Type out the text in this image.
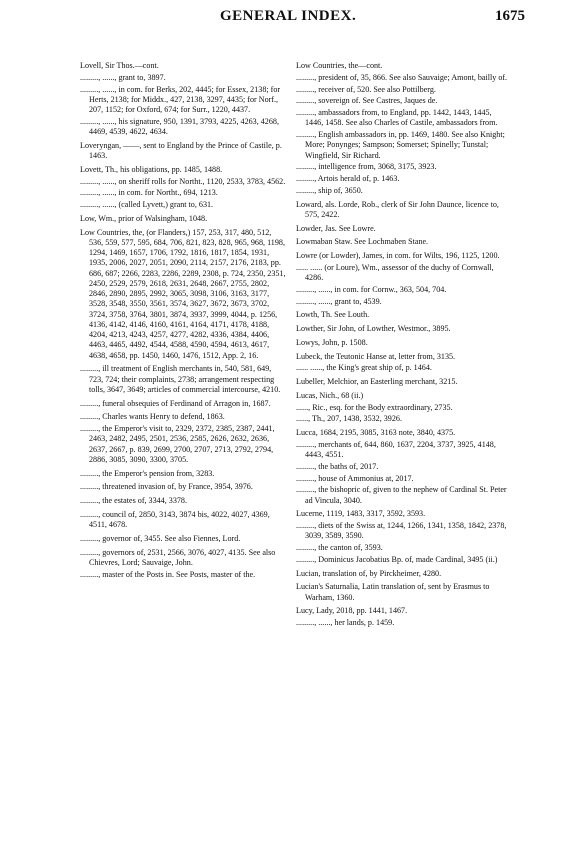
GENERAL INDEX.	1675
Lovell, Sir Thos.—cont.
........., ......, grant to, 3897.
........., ......, in com. for Berks, 202, 4445; for Essex, 2138; for Herts, 2138; for Middx., 427, 2138, 3297, 4435; for Norf., 207, 1152; for Oxford, 674; for Surr., 1220, 4437.
........., ......, his signature, 950, 1391, 3793, 4225, 4263, 4268, 4469, 4539, 4622, 4634.
Loveryngan, ——, sent to England by the Prince of Castile, p. 1463.
Lovett, Th., his obligations, pp. 1485, 1488.
........., ......, on sheriff rolls for Northt., 1120, 2533, 3783, 4562.
........., ......, in com. for Northt., 694, 1213.
........., ......, (called Lyvett,) grant to, 631.
Low, Wm., prior of Walsingham, 1048.
Low Countries, the, (or Flanders,) 157, 253, 317, 480, 512, 536, 559, 577, 595, 684, 706, 821, 823, 828, 965, 968, 1198, 1294, 1469, 1657, 1706, 1792, 1816, 1817, 1854, 1931, 1935, 2006, 2027, 2051, 2090, 2114, 2157, 2176, 2183, pp. 686, 687; 2266, 2283, 2286, 2289, 2308, p. 724, 2350, 2351, 2450, 2529, 2579, 2618, 2631, 2648, 2667, 2755, 2802, 2846, 2890, 2895, 2992, 3065, 3098, 3106, 3163, 3177, 3528, 3548, 3550, 3561, 3574, 3627, 3672, 3673, 3702, 3724, 3758, 3764, 3801, 3874, 3937, 3999, 4044, p. 1256, 4136, 4142, 4146, 4160, 4161, 4164, 4171, 4178, 4188, 4204, 4213, 4243, 4257, 4277, 4282, 4336, 4384, 4406, 4463, 4465, 4492, 4544, 4588, 4590, 4594, 4613, 4617, 4638, 4658, pp. 1450, 1460, 1476, 1512, App. 2, 16.
........., ill treatment of English merchants in, 540, 581, 649, 723, 724; their complaints, 2738; arrangement respecting tolls, 3647, 3649; articles of commercial intercourse, 4210.
........., funeral obsequies of Ferdinand of Arragon in, 1687.
........., Charles wants Henry to defend, 1863.
........., the Emperor's visit to, 2329, 2372, 2385, 2387, 2441, 2463, 2482, 2495, 2501, 2536, 2585, 2626, 2632, 2636, 2637, 2667, p. 839, 2699, 2700, 2707, 2713, 2792, 2794, 2886, 3085, 3090, 3300, 3705.
........., the Emperor's pension from, 3283.
........., threatened invasion of, by France, 3954, 3976.
........., the estates of, 3344, 3378.
........., council of, 2850, 3143, 3874 bis, 4022, 4027, 4369, 4511, 4678.
........., governor of, 3455. See also Fiennes, Lord.
........., governors of, 2531, 2566, 3076, 4027, 4135. See also Chievres, Lord; Sauvaige, John.
........., master of the Posts in. See Posts, master of the.
Low Countries, the—cont.
........., president of, 35, 866. See also Sauvaige; Amont, bailly of.
........., receiver of, 520. See also Pottilberg.
........., sovereign of. See Castres, Jaques de.
........., ambassadors from, to England, pp. 1442, 1443, 1445, 1446, 1458. See also Charles of Castile, ambassadors from.
........., English ambassadors in, pp. 1469, 1480. See also Knight; More; Ponynges; Sampson; Somerset; Spinelly; Tunstal; Wingfield, Sir Richard.
........., intelligence from, 3068, 3175, 3923.
........., Artois herald of, p. 1463.
........., ship of, 3650.
Loward, als. Lorde, Rob., clerk of Sir John Daunce, licence to, 575, 2422.
Lowder, Jas. See Lowre.
Lowmaban Staw. See Lochmaben Stane.
Lowre (or Lowder), James, in com. for Wilts, 196, 1125, 1200.
...... ...... (or Loure), Wm., assessor of the duchy of Cornwall, 4286.
........., ......, in com. for Cornw., 363, 504, 704.
........., ......, grant to, 4539.
Lowth, Th. See Louth.
Lowther, Sir John, of Lowther, Westmor., 3895.
Lowys, John, p. 1508.
Lubeck, the Teutonic Hanse at, letter from, 3135.
...... ......, the King's great ship of, p. 1464.
Lubeller, Melchior, an Easterling merchant, 3215.
Lucas, Nich., 68 (ii.)
......, Ric., esq. for the Body extraordinary, 2735.
......, Th., 207, 1438, 3532, 3926.
Lucca, 1684, 2195, 3085, 3163 note, 3840, 4375.
........., merchants of, 644, 860, 1637, 2204, 3737, 3925, 4148, 4443, 4551.
........., the baths of, 2017.
........., house of Ammonius at, 2017.
........., the bishopric of, given to the nephew of Cardinal St. Peter ad Vincula, 3040.
Lucerne, 1119, 1483, 3317, 3592, 3593.
........., diets of the Swiss at, 1244, 1266, 1341, 1358, 1842, 2378, 3039, 3589, 3590.
........., the canton of, 3593.
........., Dominicus Jacobatius Bp. of, made Cardinal, 3495 (ii.)
Lucian, translation of, by Pirckheimer, 4280.
Lucian's Saturnalia, Latin translation of, sent by Erasmus to Warham, 1360.
Lucy, Lady, 2018, pp. 1441, 1467.
........., ......, her lands, p. 1459.
